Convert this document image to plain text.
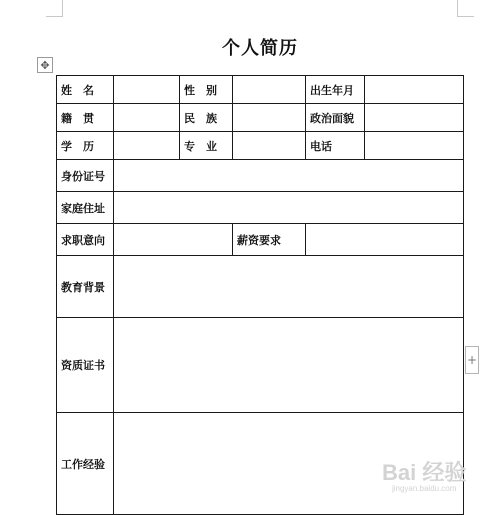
个人简历
✥
+
姓　名		性　别		出生年月	
籍　贯		民　族		政治面貌	
学　历		专　业		电话	
身份证号					
家庭住址					
求职意向			薪资要求		
教育背景					
资质证书					
工作经验						Bai 经验
jingyan.baidu.com
